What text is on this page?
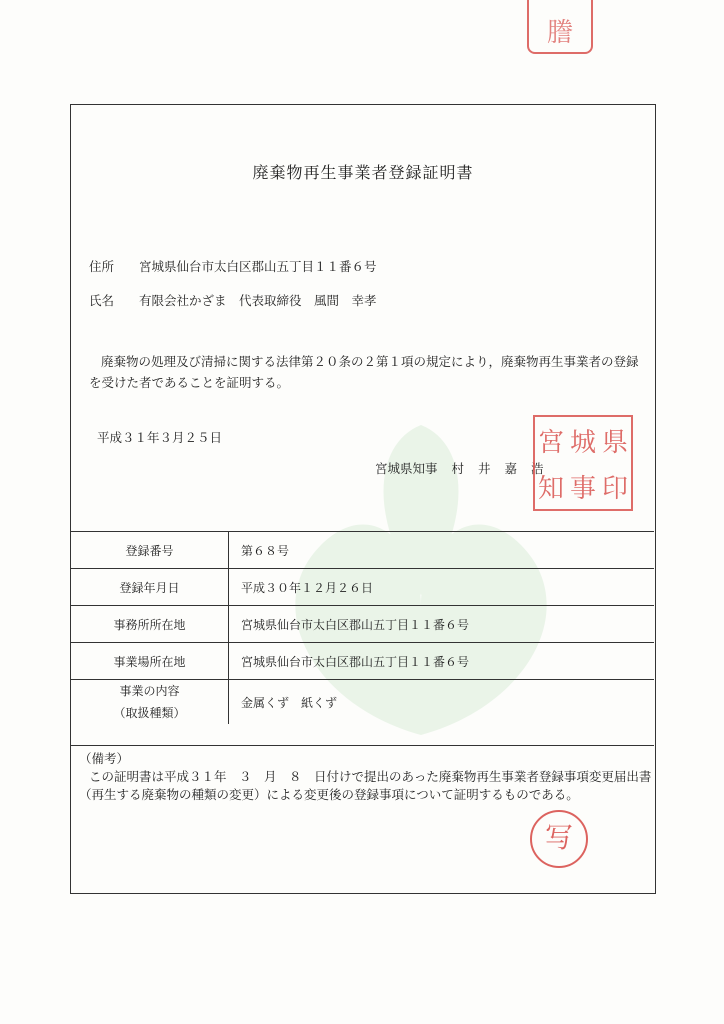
謄
廃棄物再生事業者登録証明書
住所 宮城県仙台市太白区郡山五丁目１１番６号
氏名 有限会社かざま　代表取締役　風間　幸孝
廃棄物の処理及び清掃に関する法律第２０条の２第１項の規定により，廃棄物再生事業者の登録を受けた者であることを証明する。
平成３１年３月２５日
宮城県知事 村井嘉浩
宮 城 県
知 事 印
登録番号	第６８号
登録年月日	平成３０年１２月２６日
事務所所在地	宮城県仙台市太白区郡山五丁目１１番６号
事業場所在地	宮城県仙台市太白区郡山五丁目１１番６号

事業の内容
（取扱種類）	金属くず　紙くず
（備考）
この証明書は平成３１年　３　月　８　日付けで提出のあった廃棄物再生事業者登録事項変更届出書（再生する廃棄物の種類の変更）による変更後の登録事項について証明するものである。
写
